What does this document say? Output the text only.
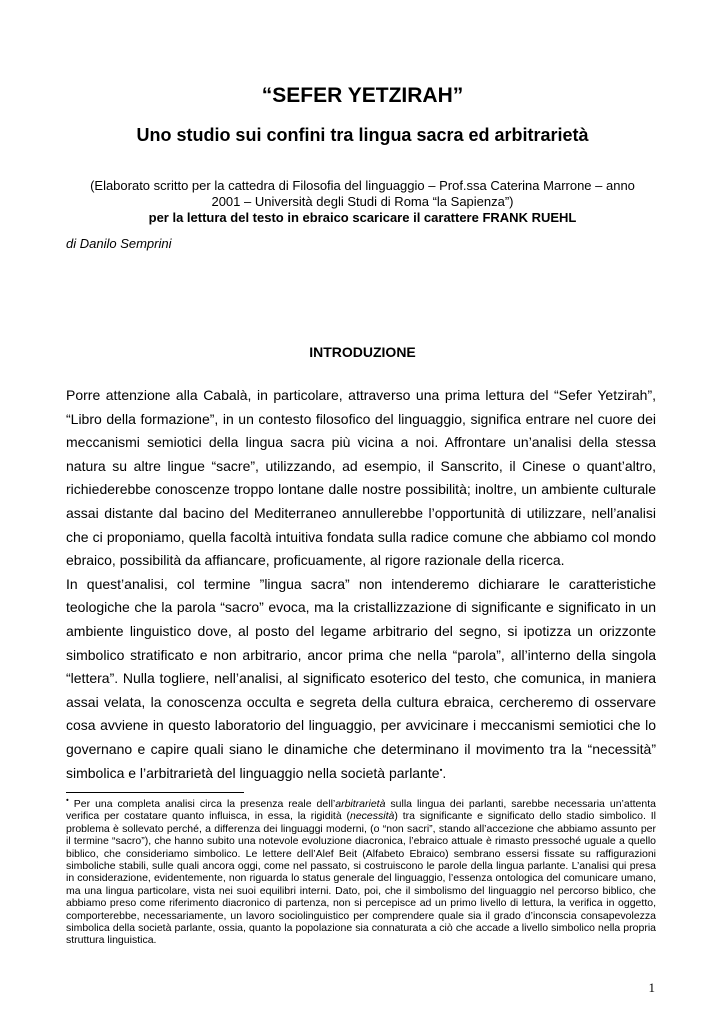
“SEFER YETZIRAH”
Uno studio sui confini tra lingua sacra ed arbitrarietà
(Elaborato scritto per la cattedra di Filosofia del linguaggio – Prof.ssa Caterina Marrone – anno 2001 – Università degli Studi di Roma “la Sapienza”)
per la lettura del testo in ebraico scaricare il carattere FRANK RUEHL
di Danilo Semprini
INTRODUZIONE

Porre attenzione alla Cabalà, in particolare, attraverso una prima lettura del “Sefer Yetzirah”, “Libro della formazione”, in un contesto filosofico del linguaggio, significa entrare nel cuore dei meccanismi semiotici della lingua sacra più vicina a noi. Affrontare un’analisi della stessa natura su altre lingue “sacre”, utilizzando, ad esempio, il Sanscrito, il Cinese o quant’altro, richiederebbe conoscenze troppo lontane dalle nostre possibilità; inoltre, un ambiente culturale assai distante dal bacino del Mediterraneo annullerebbe l’opportunità di utilizzare, nell’analisi che ci proponiamo, quella facoltà intuitiva fondata sulla radice comune che abbiamo col mondo ebraico, possibilità da affiancare, proficuamente, al rigore razionale della ricerca.

In quest’analisi, col termine ”lingua sacra” non intenderemo dichiarare le caratteristiche teologiche che la parola “sacro” evoca, ma la cristallizzazione di significante e significato in un ambiente linguistico dove, al posto del legame arbitrario del segno, si ipotizza un orizzonte simbolico stratificato e non arbitrario, ancor prima che nella “parola”, all’interno della singola “lettera”. Nulla togliere, nell’analisi, al significato esoterico del testo, che comunica, in maniera assai velata, la conoscenza occulta e segreta della cultura ebraica, cercheremo di osservare cosa avviene in questo laboratorio del linguaggio, per avvicinare i meccanismi semiotici che lo governano e capire quali siano le dinamiche che determinano il movimento tra la “necessità” simbolica e l’arbitrarietà del linguaggio nella società parlante•.

• Per una completa analisi circa la presenza reale dell’arbitrarietà sulla lingua dei parlanti, sarebbe necessaria un’attenta verifica per costatare quanto influisca, in essa, la rigidità (necessità) tra significante e significato dello stadio simbolico. Il problema è sollevato perché, a differenza dei linguaggi moderni, (o “non sacri”, stando all’accezione che abbiamo assunto per il termine “sacro”), che hanno subito una notevole evoluzione diacronica, l’ebraico attuale è rimasto pressoché uguale a quello biblico, che consideriamo simbolico. Le lettere dell’Alef Beit (Alfabeto Ebraico) sembrano essersi fissate su raffigurazioni simboliche stabili, sulle quali ancora oggi, come nel passato, si costruiscono le parole della lingua parlante. L’analisi qui presa in considerazione, evidentemente, non riguarda lo status generale del linguaggio, l’essenza ontologica del comunicare umano, ma una lingua particolare, vista nei suoi equilibri interni. Dato, poi, che il simbolismo del linguaggio nel percorso biblico, che abbiamo preso come riferimento diacronico di partenza, non si percepisce ad un primo livello di lettura, la verifica in oggetto, comporterebbe, necessariamente, un lavoro sociolinguistico per comprendere quale sia il grado d’inconscia consapevolezza simbolica della società parlante, ossia, quanto la popolazione sia connaturata a ciò che accade a livello simbolico nella propria struttura linguistica.

1
